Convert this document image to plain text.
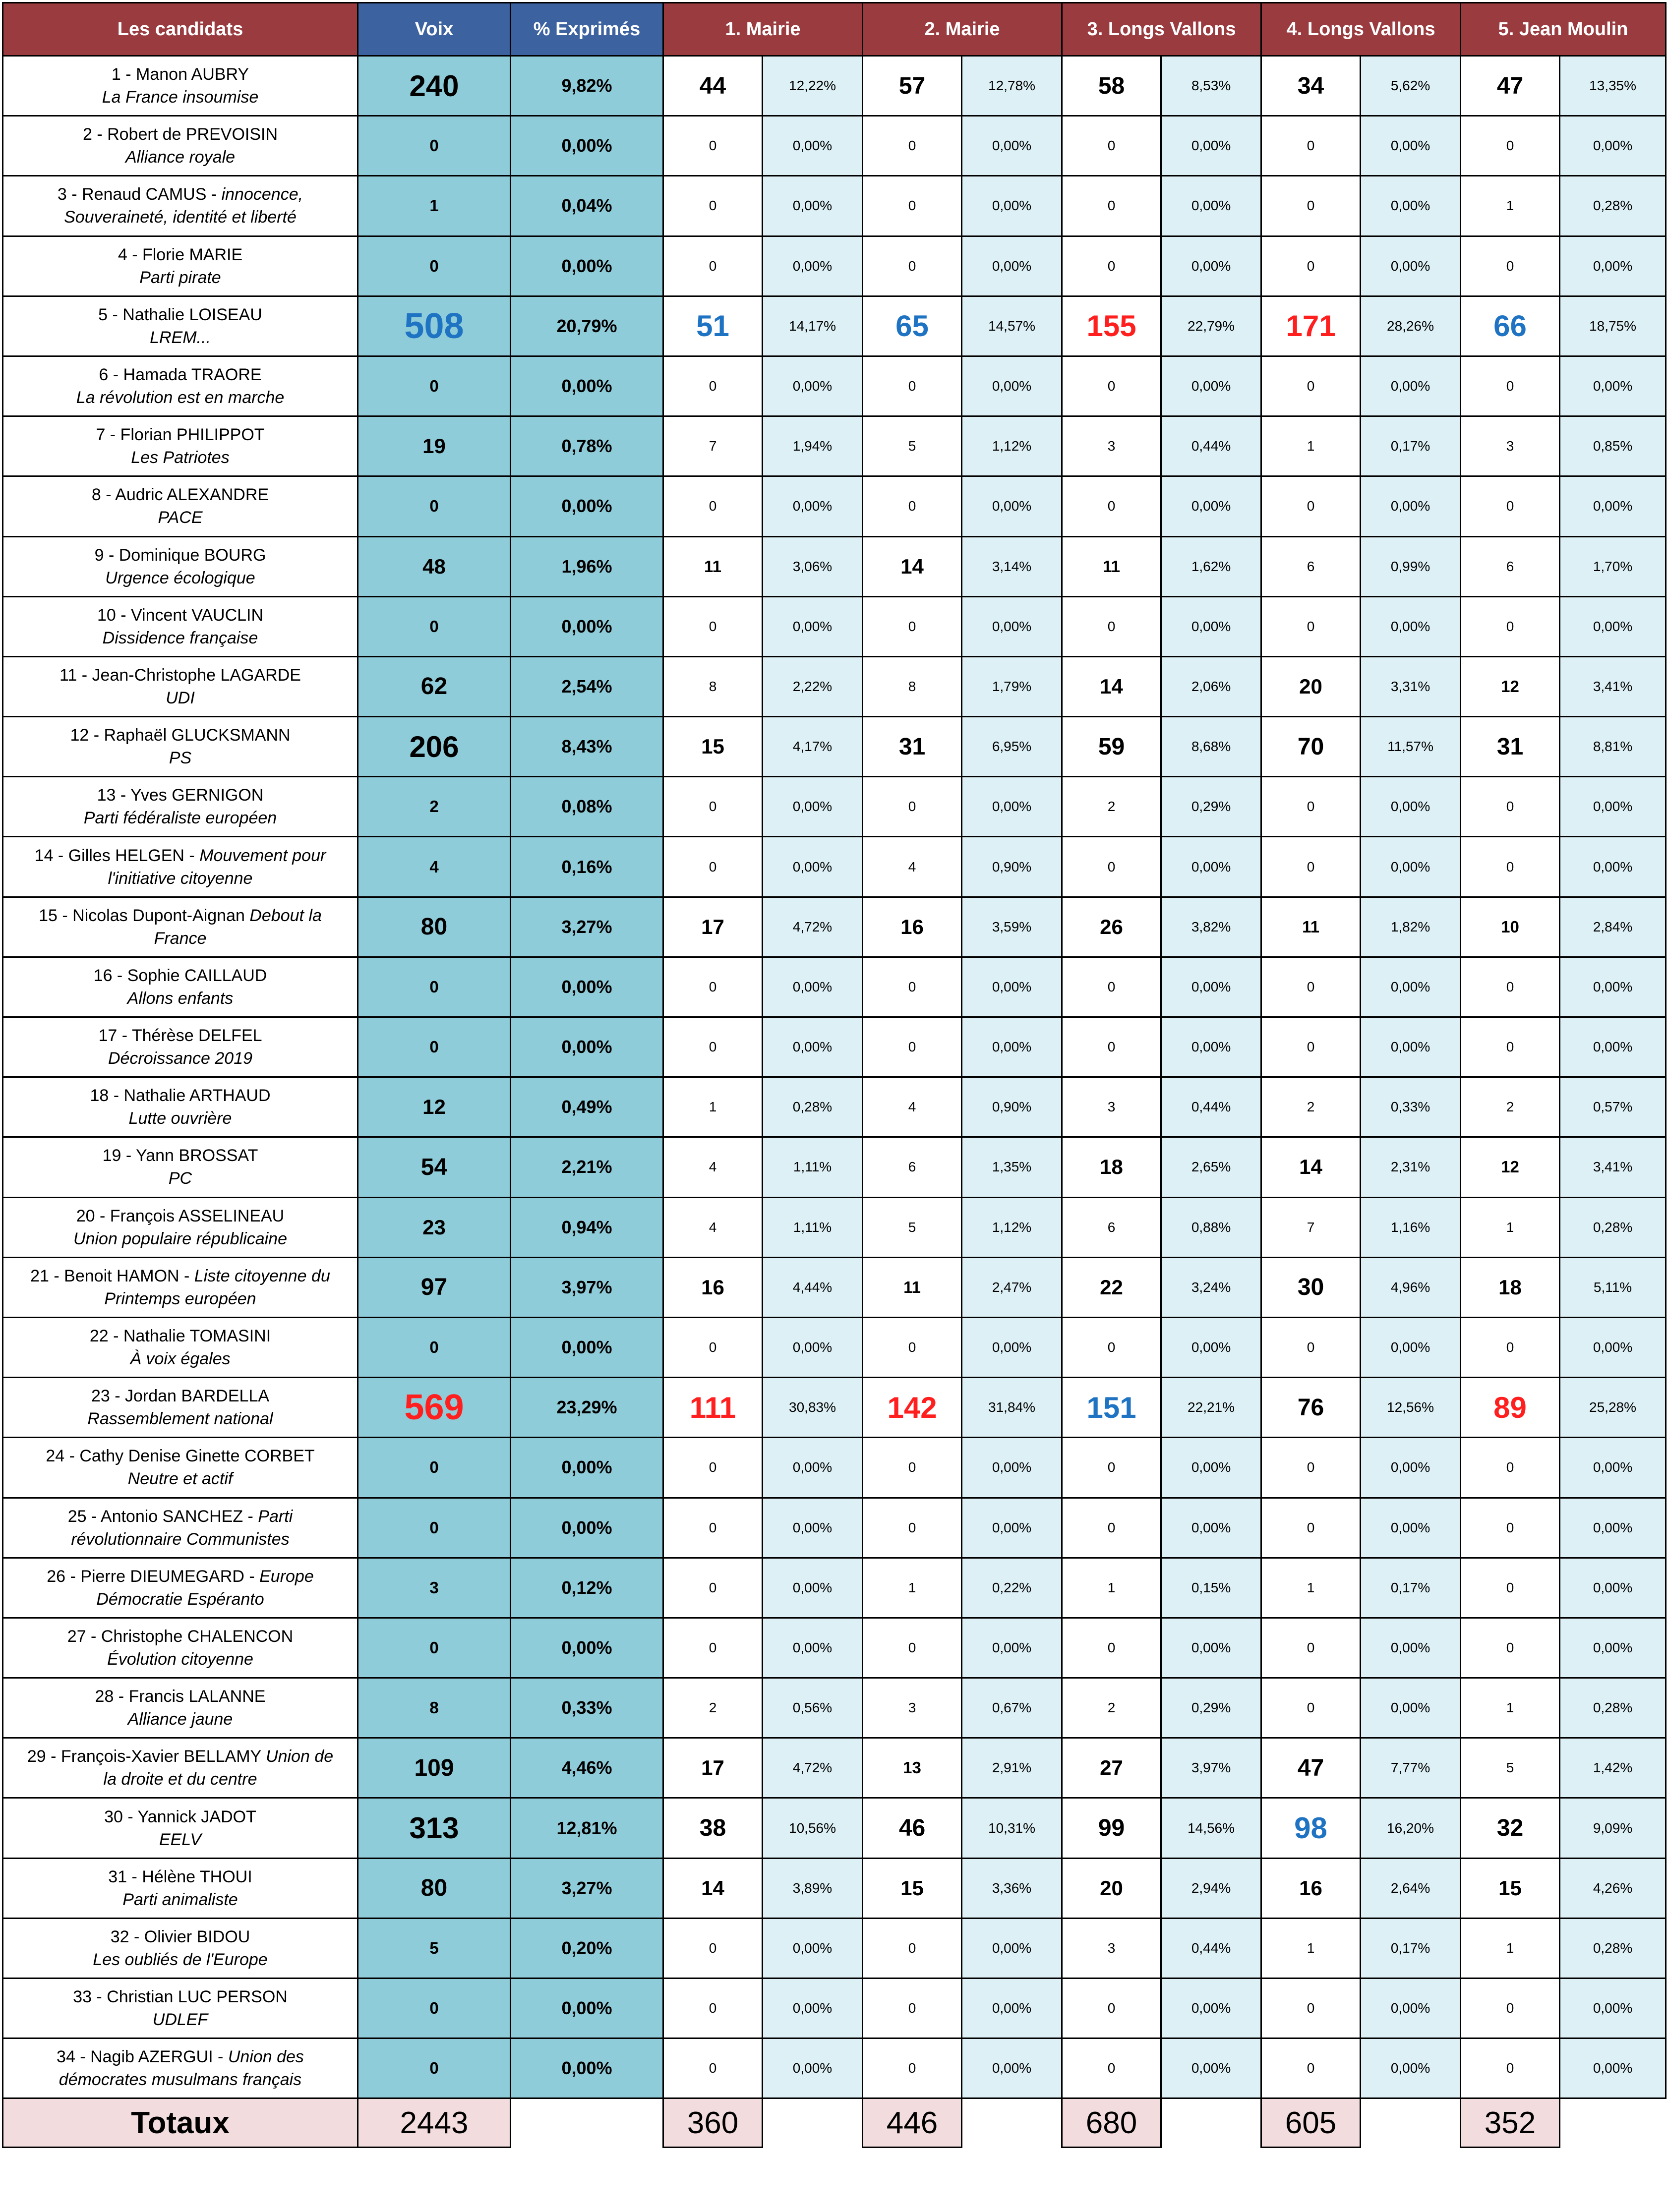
Les candidats	Voix	% Exprimés	1. Mairie		2. Mairie		3. Longs Vallons		4. Longs Vallons		5. Jean Moulin	

1 - Manon AUBRY
La France insoumise	240	9,82%	44	12,22%	57	12,78%	58	8,53%	34	5,62%	47	13,35%

2 - Robert de PREVOISIN
Alliance royale	0	0,00%	0	0,00%	0	0,00%	0	0,00%	0	0,00%	0	0,00%

3 - Renaud CAMUS - innocence,
Souveraineté, identité et liberté	1	0,04%	0	0,00%	0	0,00%	0	0,00%	0	0,00%	1	0,28%

4 - Florie MARIE
Parti pirate	0	0,00%	0	0,00%	0	0,00%	0	0,00%	0	0,00%	0	0,00%

5 - Nathalie LOISEAU
LREM...	508	20,79%	51	14,17%	65	14,57%	155	22,79%	171	28,26%	66	18,75%

6 - Hamada TRAORE
La révolution est en marche	0	0,00%	0	0,00%	0	0,00%	0	0,00%	0	0,00%	0	0,00%

7 - Florian PHILIPPOT
Les Patriotes	19	0,78%	7	1,94%	5	1,12%	3	0,44%	1	0,17%	3	0,85%

8 - Audric ALEXANDRE
PACE	0	0,00%	0	0,00%	0	0,00%	0	0,00%	0	0,00%	0	0,00%

9 - Dominique BOURG
Urgence écologique	48	1,96%	11	3,06%	14	3,14%	11	1,62%	6	0,99%	6	1,70%

10 - Vincent VAUCLIN
Dissidence française	0	0,00%	0	0,00%	0	0,00%	0	0,00%	0	0,00%	0	0,00%

11 - Jean-Christophe LAGARDE
UDI	62	2,54%	8	2,22%	8	1,79%	14	2,06%	20	3,31%	12	3,41%

12 - Raphaël GLUCKSMANN
PS	206	8,43%	15	4,17%	31	6,95%	59	8,68%	70	11,57%	31	8,81%

13 - Yves GERNIGON
Parti fédéraliste européen	2	0,08%	0	0,00%	0	0,00%	2	0,29%	0	0,00%	0	0,00%

14 - Gilles HELGEN - Mouvement pour
l'initiative citoyenne	4	0,16%	0	0,00%	4	0,90%	0	0,00%	0	0,00%	0	0,00%

15 - Nicolas Dupont-Aignan Debout la
France	80	3,27%	17	4,72%	16	3,59%	26	3,82%	11	1,82%	10	2,84%

16 - Sophie CAILLAUD
Allons enfants	0	0,00%	0	0,00%	0	0,00%	0	0,00%	0	0,00%	0	0,00%

17 - Thérèse DELFEL
Décroissance 2019	0	0,00%	0	0,00%	0	0,00%	0	0,00%	0	0,00%	0	0,00%

18 - Nathalie ARTHAUD
Lutte ouvrière	12	0,49%	1	0,28%	4	0,90%	3	0,44%	2	0,33%	2	0,57%

19 - Yann BROSSAT
PC	54	2,21%	4	1,11%	6	1,35%	18	2,65%	14	2,31%	12	3,41%

20 - François ASSELINEAU
Union populaire républicaine	23	0,94%	4	1,11%	5	1,12%	6	0,88%	7	1,16%	1	0,28%

21 - Benoit HAMON - Liste citoyenne du
Printemps européen	97	3,97%	16	4,44%	11	2,47%	22	3,24%	30	4,96%	18	5,11%

22 - Nathalie TOMASINI
À voix égales	0	0,00%	0	0,00%	0	0,00%	0	0,00%	0	0,00%	0	0,00%

23 - Jordan BARDELLA
Rassemblement national	569	23,29%	111	30,83%	142	31,84%	151	22,21%	76	12,56%	89	25,28%

24 - Cathy Denise Ginette CORBET
Neutre et actif	0	0,00%	0	0,00%	0	0,00%	0	0,00%	0	0,00%	0	0,00%

25 - Antonio SANCHEZ - Parti
révolutionnaire Communistes	0	0,00%	0	0,00%	0	0,00%	0	0,00%	0	0,00%	0	0,00%

26 - Pierre DIEUMEGARD - Europe
Démocratie Espéranto	3	0,12%	0	0,00%	1	0,22%	1	0,15%	1	0,17%	0	0,00%

27 - Christophe CHALENCON
Évolution citoyenne	0	0,00%	0	0,00%	0	0,00%	0	0,00%	0	0,00%	0	0,00%

28 - Francis LALANNE
Alliance jaune	8	0,33%	2	0,56%	3	0,67%	2	0,29%	0	0,00%	1	0,28%

29 - François-Xavier BELLAMY Union de
la droite et du centre	109	4,46%	17	4,72%	13	2,91%	27	3,97%	47	7,77%	5	1,42%

30 - Yannick JADOT
EELV	313	12,81%	38	10,56%	46	10,31%	99	14,56%	98	16,20%	32	9,09%

31 - Hélène THOUI
Parti animaliste	80	3,27%	14	3,89%	15	3,36%	20	2,94%	16	2,64%	15	4,26%

32 - Olivier BIDOU
Les oubliés de l'Europe	5	0,20%	0	0,00%	0	0,00%	3	0,44%	1	0,17%	1	0,28%

33 - Christian LUC PERSON
UDLEF	0	0,00%	0	0,00%	0	0,00%	0	0,00%	0	0,00%	0	0,00%

34 - Nagib AZERGUI - Union des
démocrates musulmans français	0	0,00%	0	0,00%	0	0,00%	0	0,00%	0	0,00%	0	0,00%
Totaux	2443		360		446		680		605		352	
